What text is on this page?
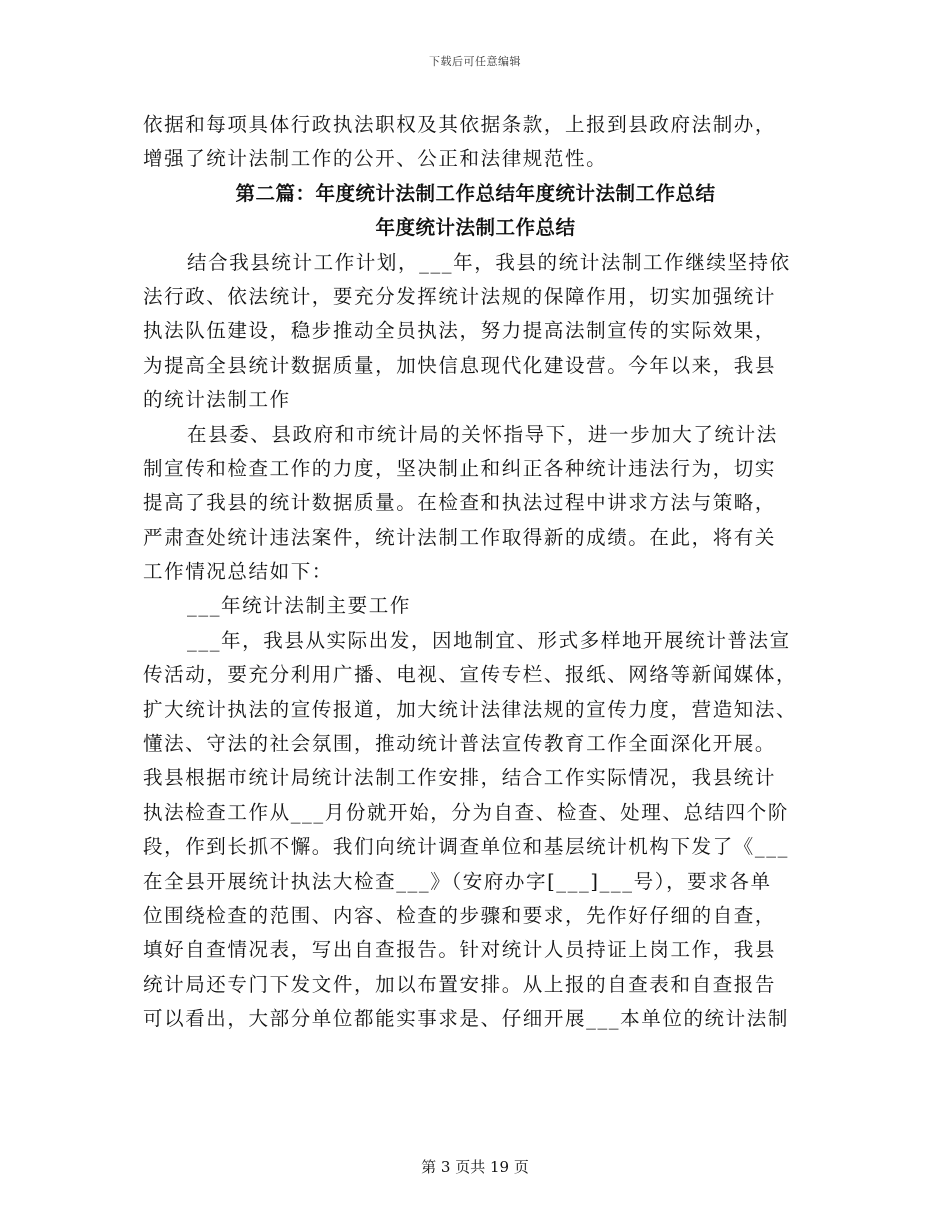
下载后可任意编辑
依据和每项具体行政执法职权及其依据条款，上报到县政府法制办，
增强了统计法制工作的公开、公正和法律规范性。
第二篇：年度统计法制工作总结年度统计法制工作总结
年度统计法制工作总结
结合我县统计工作计划，___年，我县的统计法制工作继续坚持依
法行政、依法统计，要充分发挥统计法规的保障作用，切实加强统计
执法队伍建设，稳步推动全员执法，努力提高法制宣传的实际效果，
为提高全县统计数据质量，加快信息现代化建设营。今年以来，我县
的统计法制工作
在县委、县政府和市统计局的关怀指导下，进一步加大了统计法
制宣传和检查工作的力度，坚决制止和纠正各种统计违法行为，切实
提高了我县的统计数据质量。在检查和执法过程中讲求方法与策略，
严肃查处统计违法案件，统计法制工作取得新的成绩。在此，将有关
工作情况总结如下：
___年统计法制主要工作
___年，我县从实际出发，因地制宜、形式多样地开展统计普法宣
传活动，要充分利用广播、电视、宣传专栏、报纸、网络等新闻媒体，
扩大统计执法的宣传报道，加大统计法律法规的宣传力度，营造知法、
懂法、守法的社会氛围，推动统计普法宣传教育工作全面深化开展。
我县根据市统计局统计法制工作安排，结合工作实际情况，我县统计
执法检查工作从___月份就开始，分为自查、检查、处理、总结四个阶
段，作到长抓不懈。我们向统计调查单位和基层统计机构下发了《___
在全县开展统计执法大检查___》（安府办字[___]___号），要求各单
位围绕检查的范围、内容、检查的步骤和要求，先作好仔细的自查，
填好自查情况表，写出自查报告。针对统计人员持证上岗工作，我县
统计局还专门下发文件，加以布置安排。从上报的自查表和自查报告
可以看出，大部分单位都能实事求是、仔细开展___本单位的统计法制
第 3 页共 19 页
